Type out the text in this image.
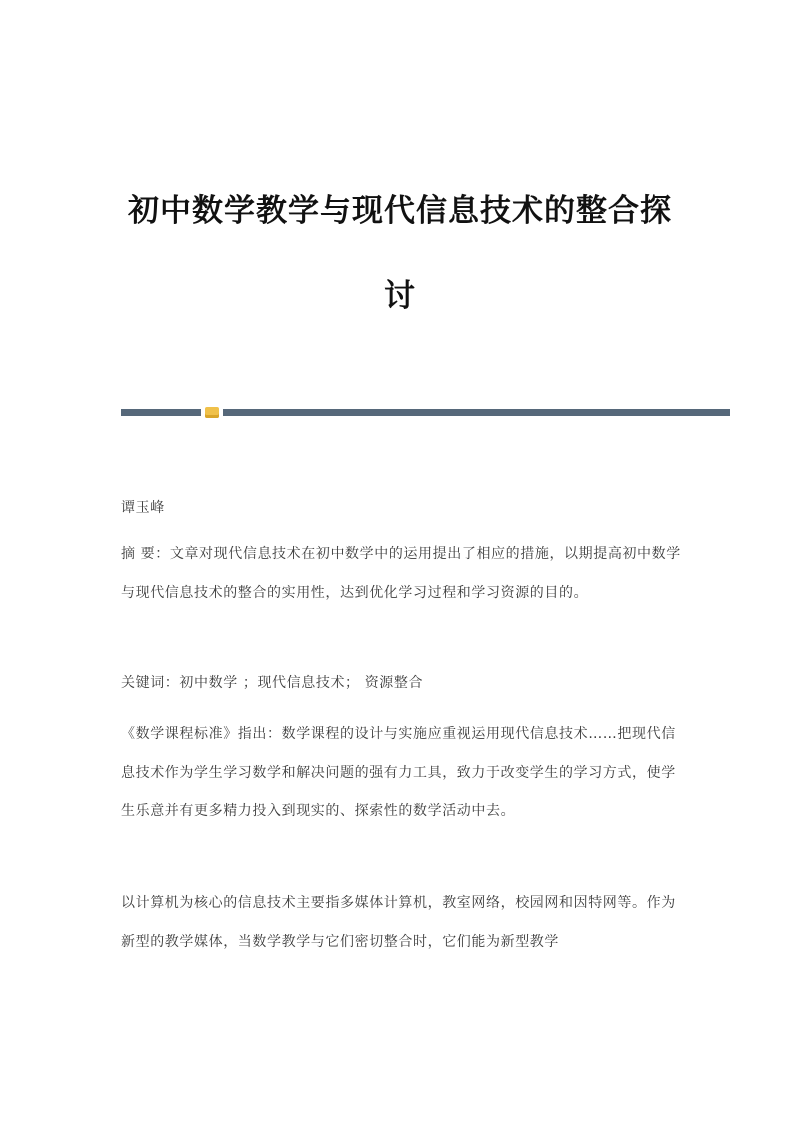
初中数学教学与现代信息技术的整合探
讨

谭玉峰

摘 要：文章对现代信息技术在初中数学中的运用提出了相应的措施，以期提高初中数学与现代信息技术的整合的实用性，达到优化学习过程和学习资源的目的。

关键词：初中数学 ；现代信息技术； 资源整合

《数学课程标准》指出：数学课程的设计与实施应重视运用现代信息技术……把现代信息技术作为学生学习数学和解决问题的强有力工具，致力于改变学生的学习方式，使学生乐意并有更多精力投入到现实的、探索性的数学活动中去。

以计算机为核心的信息技术主要指多媒体计算机，教室网络，校园网和因特网等。作为新型的教学媒体，当数学教学与它们密切整合时，它们能为新型教学
